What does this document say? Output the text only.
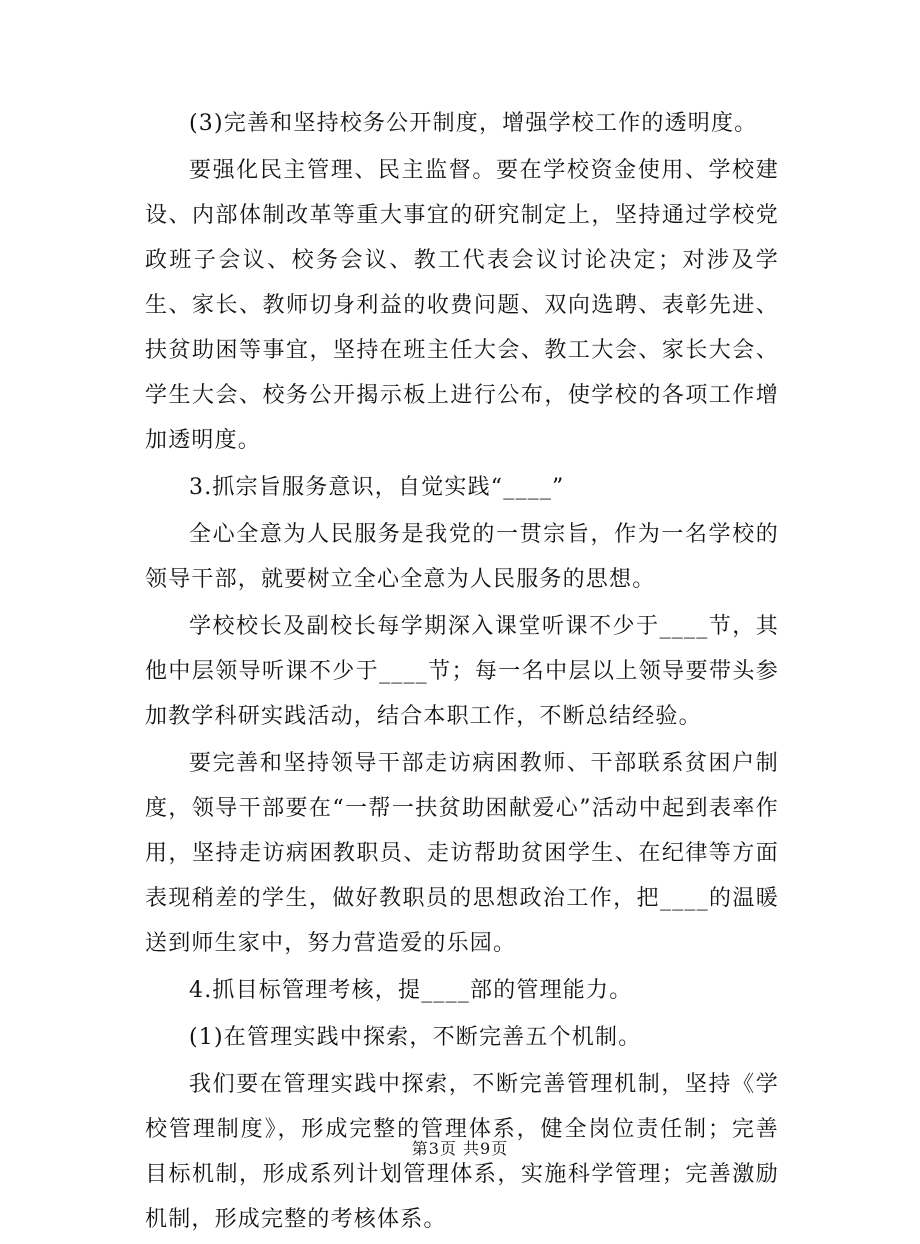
(3)完善和坚持校务公开制度，增强学校工作的透明度。

要强化民主管理、民主监督。要在学校资金使用、学校建设、内部体制改革等重大事宜的研究制定上，坚持通过学校党政班子会议、校务会议、教工代表会议讨论决定；对涉及学生、家长、教师切身利益的收费问题、双向选聘、表彰先进、扶贫助困等事宜，坚持在班主任大会、教工大会、家长大会、学生大会、校务公开揭示板上进行公布，使学校的各项工作增加透明度。

3.抓宗旨服务意识，自觉实践“____”

全心全意为人民服务是我党的一贯宗旨，作为一名学校的领导干部，就要树立全心全意为人民服务的思想。

学校校长及副校长每学期深入课堂听课不少于____节，其他中层领导听课不少于____节；每一名中层以上领导要带头参加教学科研实践活动，结合本职工作，不断总结经验。

要完善和坚持领导干部走访病困教师、干部联系贫困户制度，领导干部要在“一帮一扶贫助困献爱心”活动中起到表率作用，坚持走访病困教职员、走访帮助贫困学生、在纪律等方面表现稍差的学生，做好教职员的思想政治工作，把____的温暖送到师生家中，努力营造爱的乐园。

4.抓目标管理考核，提____部的管理能力。

(1)在管理实践中探索，不断完善五个机制。

我们要在管理实践中探索，不断完善管理机制，坚持《学校管理制度》，形成完整的管理体系，健全岗位责任制；完善目标机制，形成系列计划管理体系，实施科学管理；完善激励机制，形成完整的考核体系。

第3页 共9页
